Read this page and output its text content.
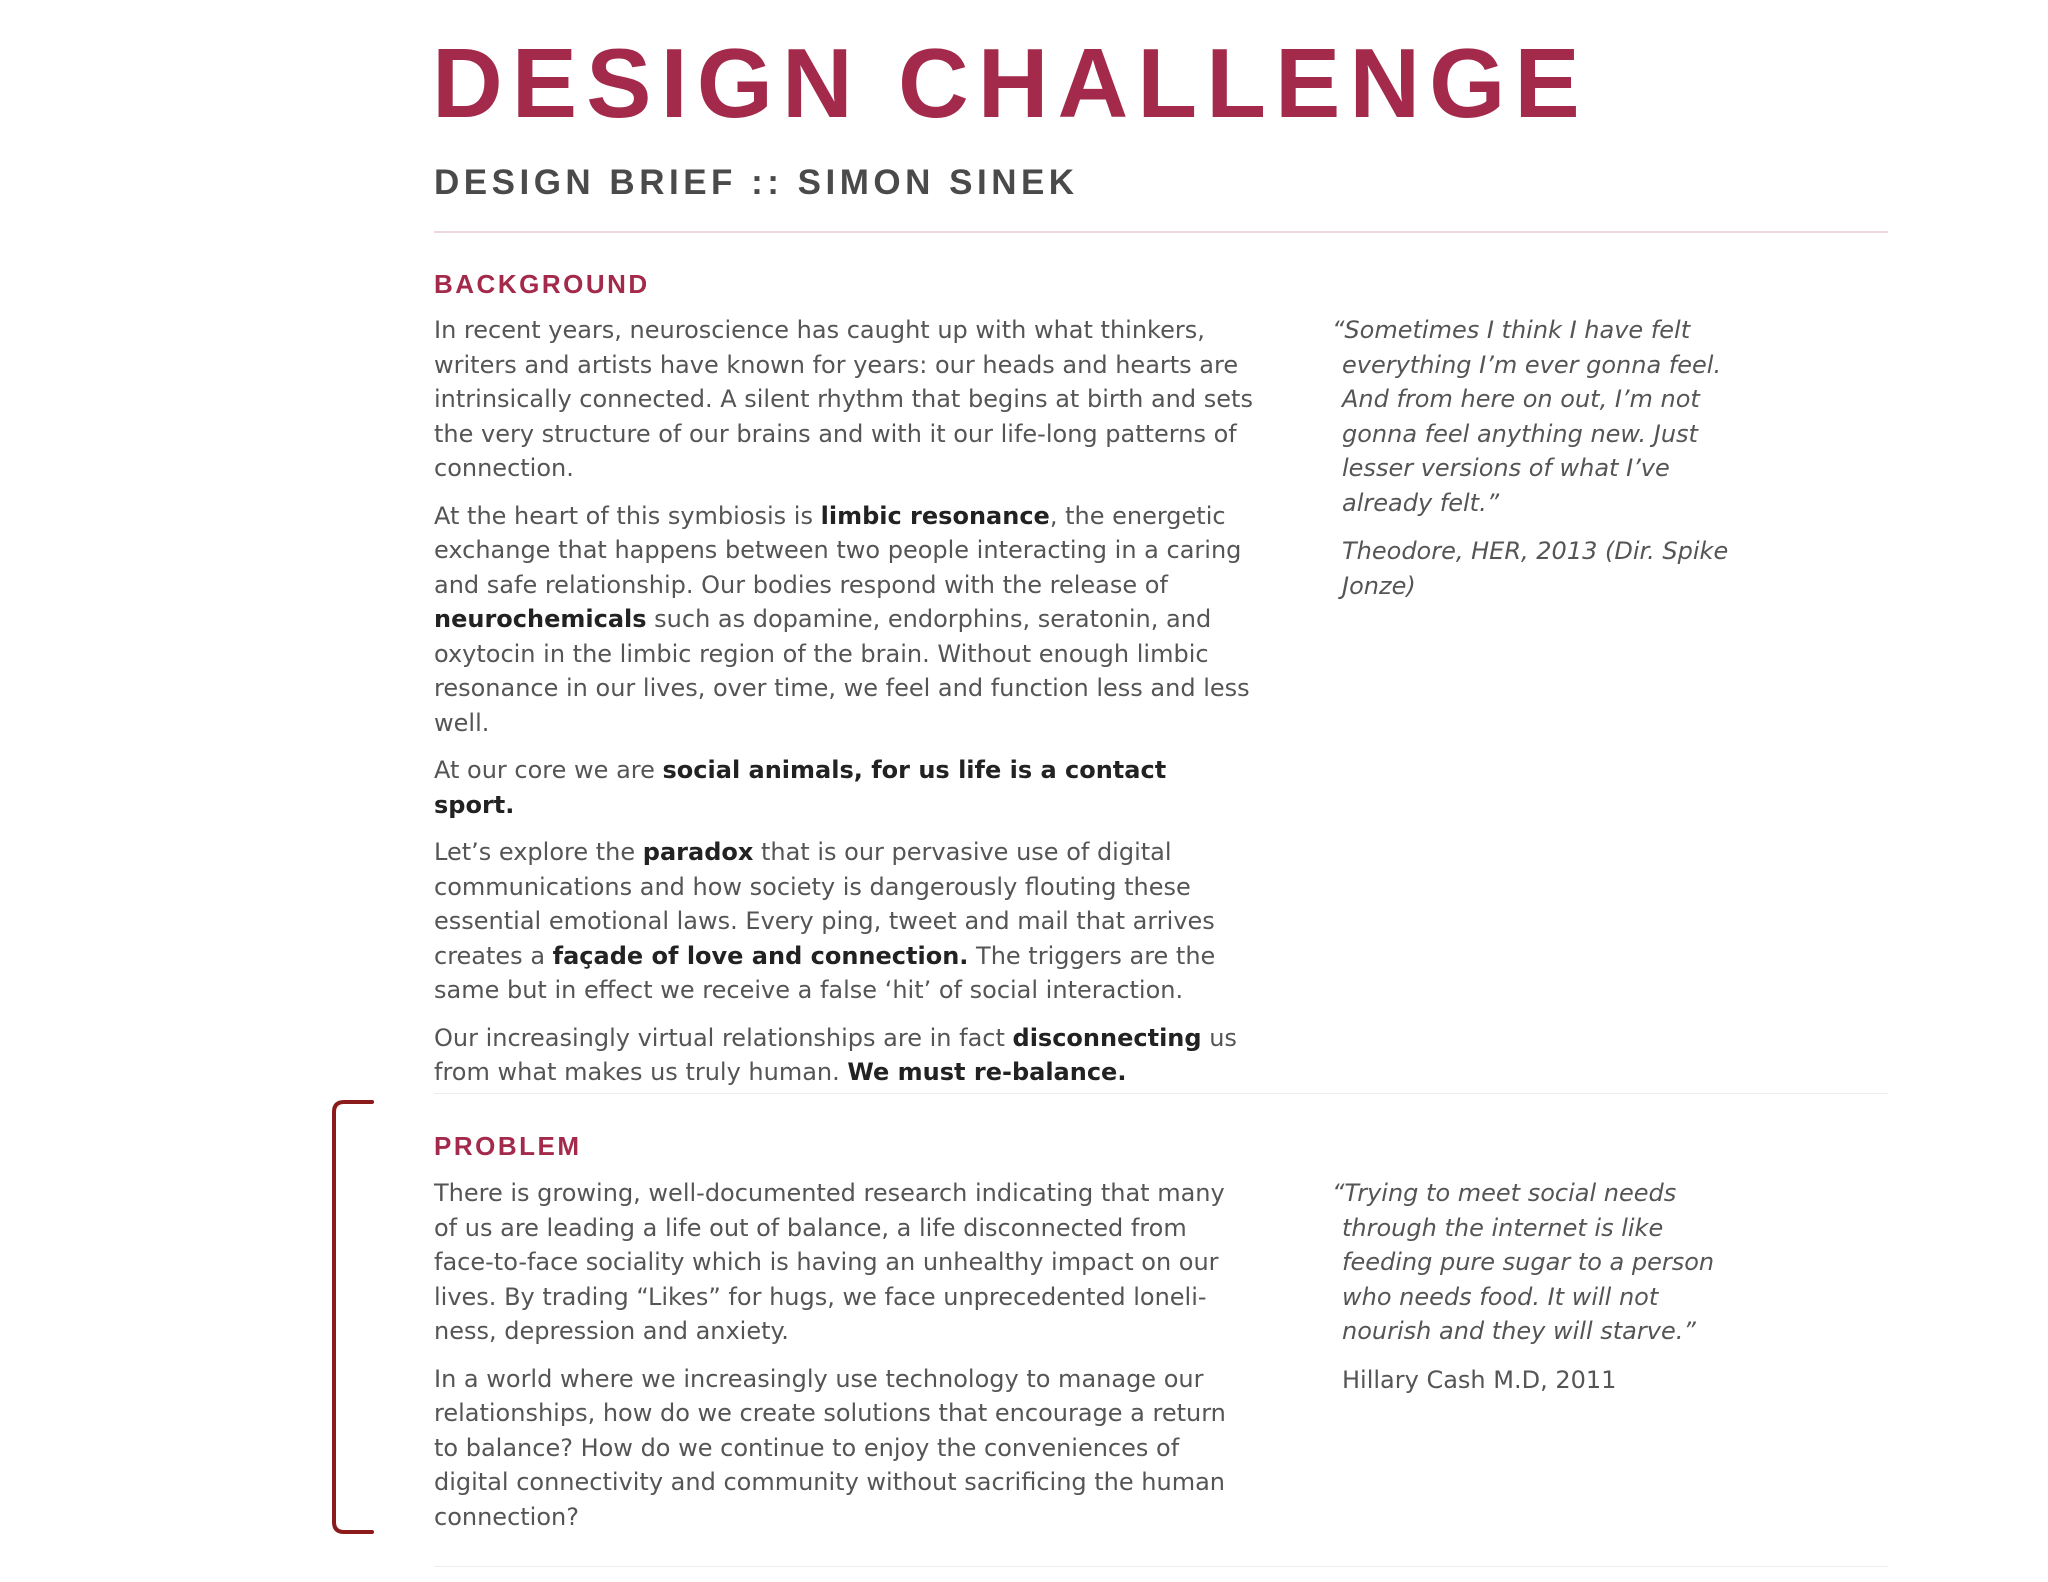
DESIGN CHALLENGE
DESIGN BRIEF :: SIMON SINEK
BACKGROUND

In recent years, neuroscience has caught up with what thinkers, writers and artists have known for years: our heads and hearts are intrinsically connected. A silent rhythm that begins at birth and sets the very structure of our brains and with it our life-long patterns of connection.

At the heart of this symbiosis is limbic resonance, the energetic exchange that happens between two people interacting in a caring and safe relationship. Our bodies respond with the release of neurochemicals such as dopamine, endorphins, seratonin, and oxytocin in the limbic region of the brain. Without enough limbic resonance in our lives, over time, we feel and function less and less well.

At our core we are social animals, for us life is a contact sport.

Let’s explore the paradox that is our pervasive use of digital communications and how society is dangerously flouting these essential emotional laws. Every ping, tweet and mail that arrives creates a façade of love and connection. The triggers are the same but in effect we receive a false ‘hit’ of social interaction.

Our increasingly virtual relationships are in fact disconnecting us from what makes us truly human. We must re-balance.

“Sometimes I think I have felt everything I’m ever gonna feel. And from here on out, I’m not gonna feel anything new. Just lesser versions of what I’ve already felt.”

Theodore, HER, 2013 (Dir. Spike Jonze)

PROBLEM

There is growing, well-documented research indicating that many of us are leading a life out of balance, a life disconnected from face-to-face sociality which is having an unhealthy impact on our lives. By trading “Likes” for hugs, we face unprecedented loneli-ness, depression and anxiety.

In a world where we increasingly use technology to manage our relationships, how do we create solutions that encourage a return to balance? How do we continue to enjoy the conveniences of digital connectivity and community without sacrificing the human connection?

“Trying to meet social needs through the internet is like feeding pure sugar to a person who needs food. It will not nourish and they will starve.”

Hillary Cash M.D, 2011
